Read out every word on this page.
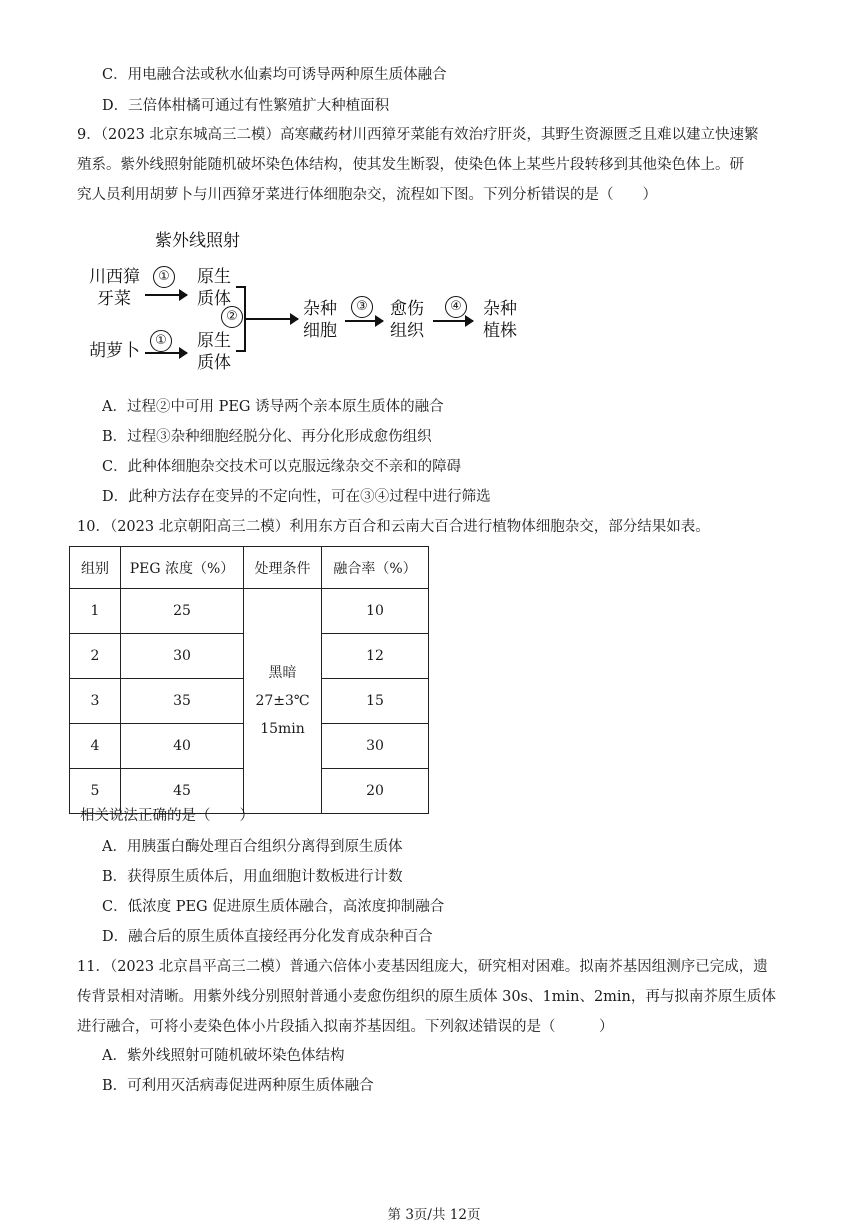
C．用电融合法或秋水仙素均可诱导两种原生质体融合
D．三倍体柑橘可通过有性繁殖扩大种植面积
9．（2023 北京东城高三二模）高寒藏药材川西獐牙菜能有效治疗肝炎，其野生资源匮乏且难以建立快速繁
殖系。紫外线照射能随机破坏染色体结构，使其发生断裂，使染色体上某些片段转移到其他染色体上。研
究人员利用胡萝卜与川西獐牙菜进行体细胞杂交，流程如下图。下列分析错误的是（　　）
紫外线照射
川西獐
牙菜
①	原生
质体
胡萝卜
①	原生
质体
②	杂种
细胞
③	愈伤
组织
④	杂种
植株
A．过程②中可用 PEG 诱导两个亲本原生质体的融合
B．过程③杂种细胞经脱分化、再分化形成愈伤组织
C．此种体细胞杂交技术可以克服远缘杂交不亲和的障碍
D．此种方法存在变异的不定向性，可在③④过程中进行筛选
10．（2023 北京朝阳高三二模）利用东方百合和云南大百合进行植物体细胞杂交，部分结果如表。
组别	PEG 浓度（%）	处理条件	融合率（%）
1	25	黑暗
27±3℃
15min	10
2	30		12
3	35		15
4	40		30
5	45		20
相关说法正确的是（　　）
A．用胰蛋白酶处理百合组织分离得到原生质体
B．获得原生质体后，用血细胞计数板进行计数
C．低浓度 PEG 促进原生质体融合，高浓度抑制融合
D．融合后的原生质体直接经再分化发育成杂种百合
11．（2023 北京昌平高三二模）普通六倍体小麦基因组庞大，研究相对困难。拟南芥基因组测序已完成，遗
传背景相对清晰。用紫外线分别照射普通小麦愈伤组织的原生质体 30s、1min、2min，再与拟南芥原生质体
进行融合，可将小麦染色体小片段插入拟南芥基因组。下列叙述错误的是（　　　）
A．紫外线照射可随机破坏染色体结构
B．可利用灭活病毒促进两种原生质体融合
第 3页/共 12页
